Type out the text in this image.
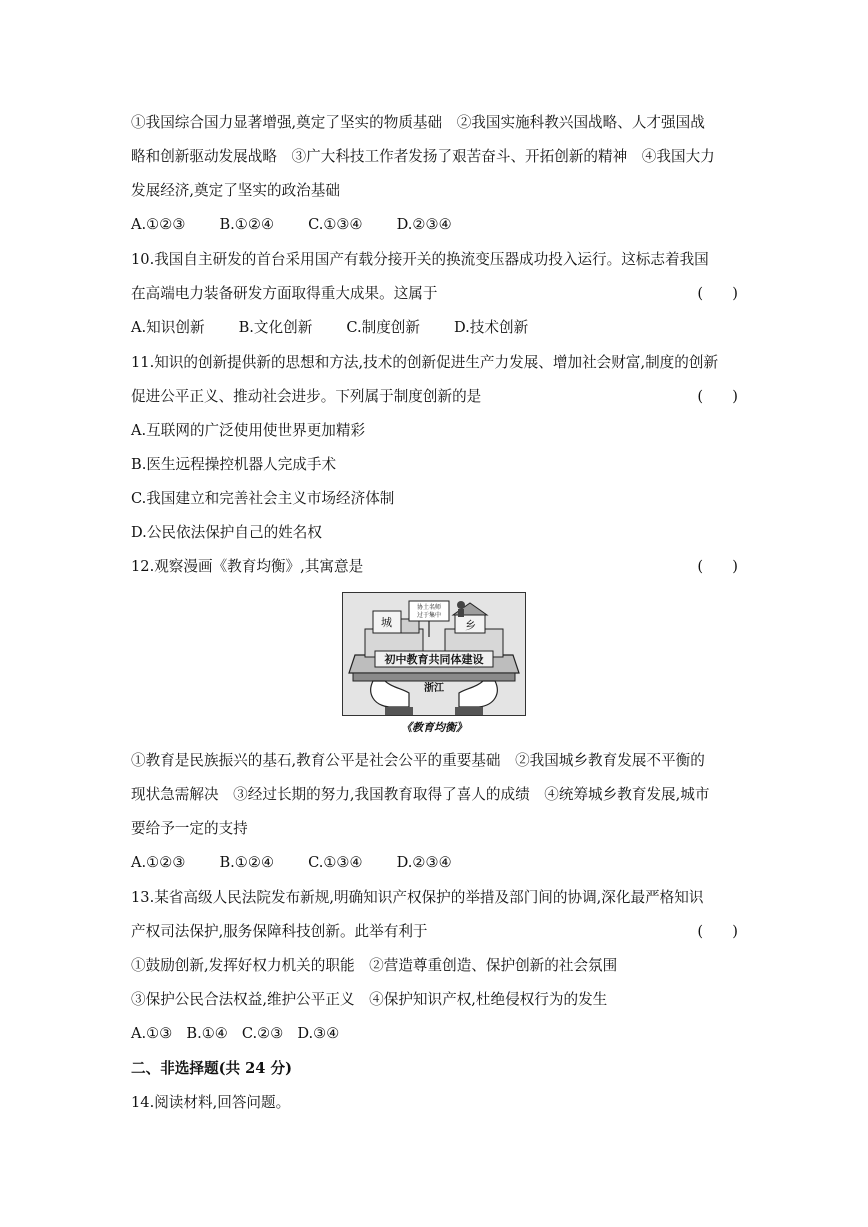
①我国综合国力显著增强,奠定了坚实的物质基础　②我国实施科教兴国战略、人才强国战
略和创新驱动发展战略　③广大科技工作者发扬了艰苦奋斗、开拓创新的精神　④我国大力
发展经济,奠定了坚实的政治基础
A.①②③ B.①②④ C.①③④ D.②③④
10.我国自主研发的首台采用国产有载分接开关的换流变压器成功投入运行。这标志着我国
在高端电力装备研发方面取得重大成果。这属于	(　　)
A.知识创新 B.文化创新 C.制度创新 D.技术创新
11.知识的创新提供新的思想和方法,技术的创新促进生产力发展、增加社会财富,制度的创新
促进公平正义、推动社会进步。下列属于制度创新的是	(　　)
A.互联网的广泛使用使世界更加精彩
B.医生远程操控机器人完成手术
C.我国建立和完善社会主义市场经济体制
D.公民依法保护自己的姓名权
12.观察漫画《教育均衡》,其寓意是	(　　)
城	乡
协土名师
过于集中
初中教育共同体建设
浙江
《教育均衡》
①教育是民族振兴的基石,教育公平是社会公平的重要基础　②我国城乡教育发展不平衡的
现状急需解决　③经过长期的努力,我国教育取得了喜人的成绩　④统筹城乡教育发展,城市
要给予一定的支持
A.①②③ B.①②④ C.①③④ D.②③④
13.某省高级人民法院发布新规,明确知识产权保护的举措及部门间的协调,深化最严格知识
产权司法保护,服务保障科技创新。此举有利于	(　　)
①鼓励创新,发挥好权力机关的职能　②营造尊重创造、保护创新的社会氛围
③保护公民合法权益,维护公平正义　④保护知识产权,杜绝侵权行为的发生
A.①③ B.①④ C.②③ D.③④
二、非选择题(共 24 分)
14.阅读材料,回答问题。
